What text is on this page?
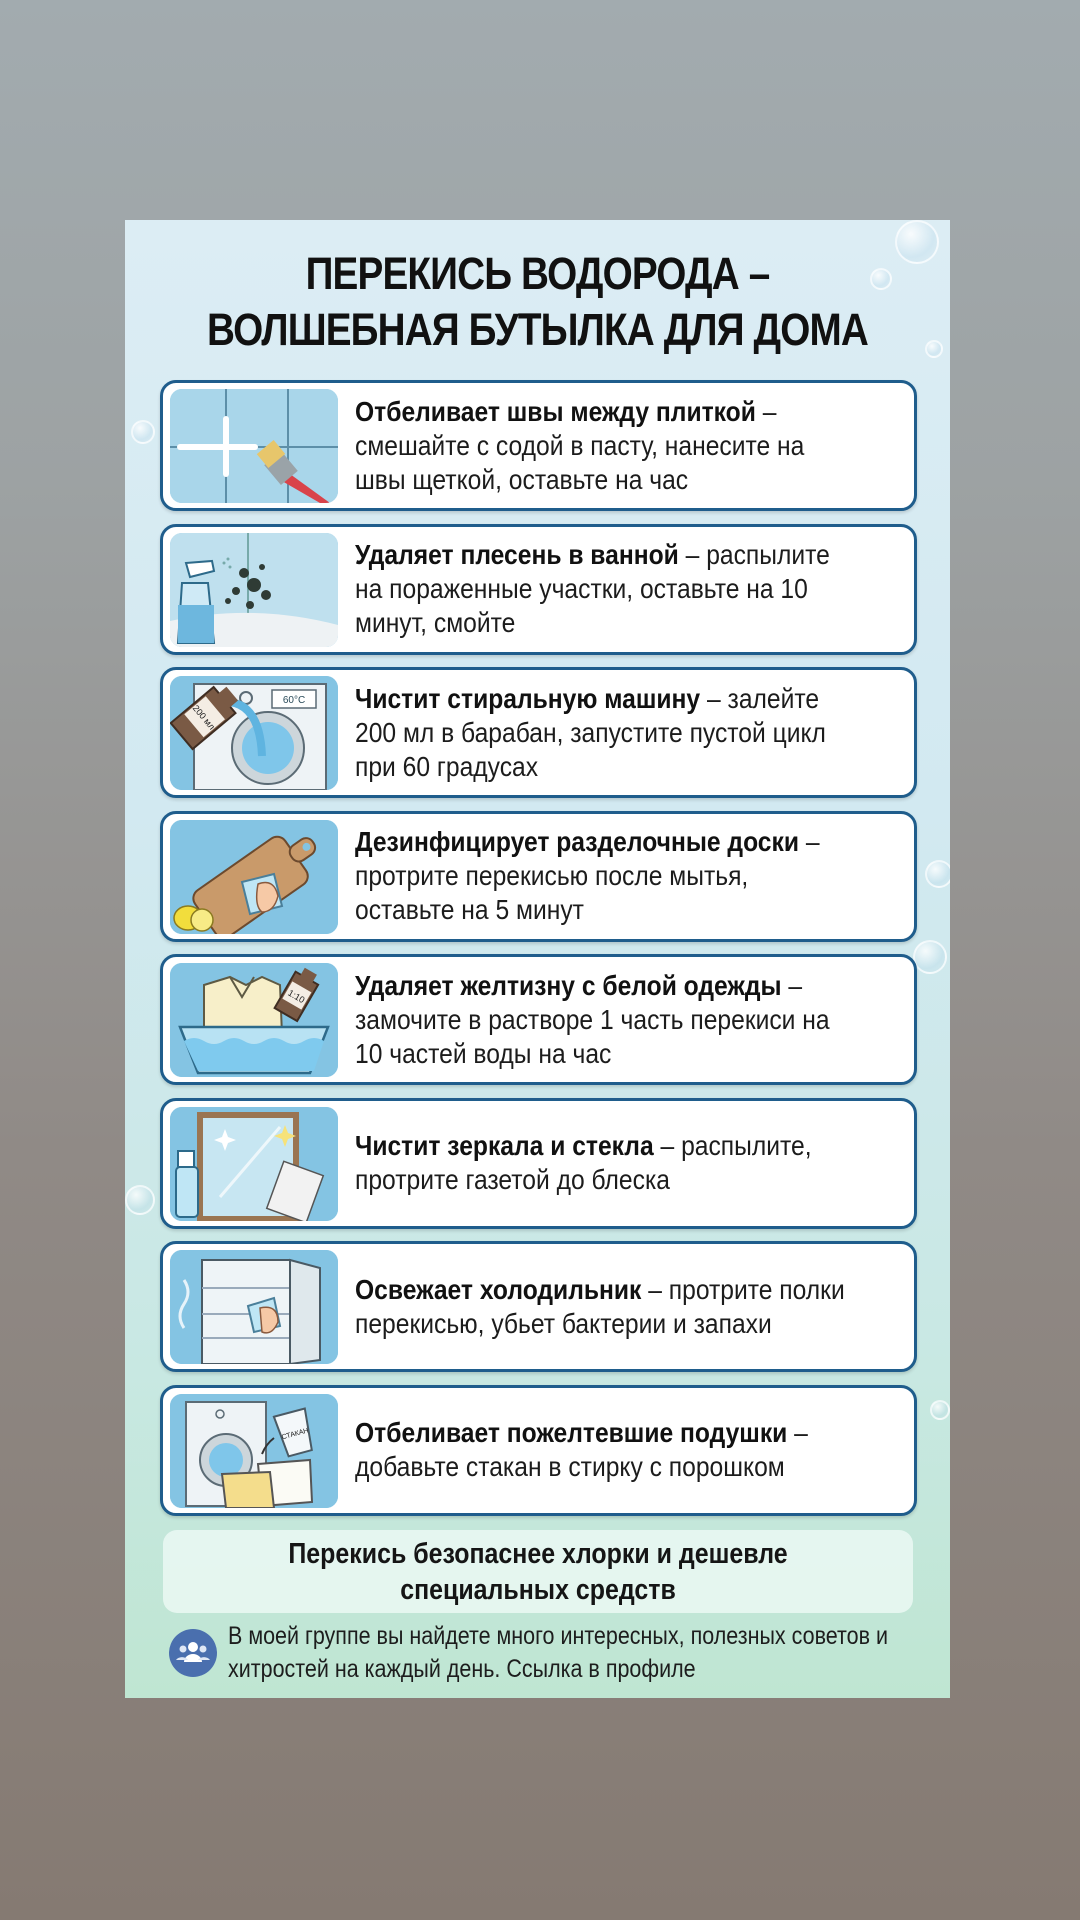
ПЕРЕКИСЬ ВОДОРОДА –
ВОЛШЕБНАЯ БУТЫЛКА ДЛЯ ДОМА

Отбеливает швы между плиткой – смешайте с содой в пасту, нанесите на швы щеткой, оставьте на час

Удаляет плесень в ванной – распылите на пораженные участки, оставьте на 10 минут, смойте

60°C
200 мл

Чистит стиральную машину – залейте 200 мл в барабан, запустите пустой цикл при 60 градусах

Дезинфицирует разделочные доски – протрите перекисью после мытья, оставьте на 5 минут

1:10 Удаляет желтизну с белой одежды – замочите в растворе 1 часть перекиси на 10 частей воды на час

Чистит зеркала и стекла – распылите, протрите газетой до блеска

Освежает холодильник – протрите полки перекисью, убьет бактерии и запахи

СТАКАН Отбеливает пожелтевшие подушки – добавьте стакан в стирку с порошком

Перекись безопаснее хлорки и дешевле специальных средств

В моей группе вы найдете много интересных, полезных советов и хитростей на каждый день. Ссылка в профиле
